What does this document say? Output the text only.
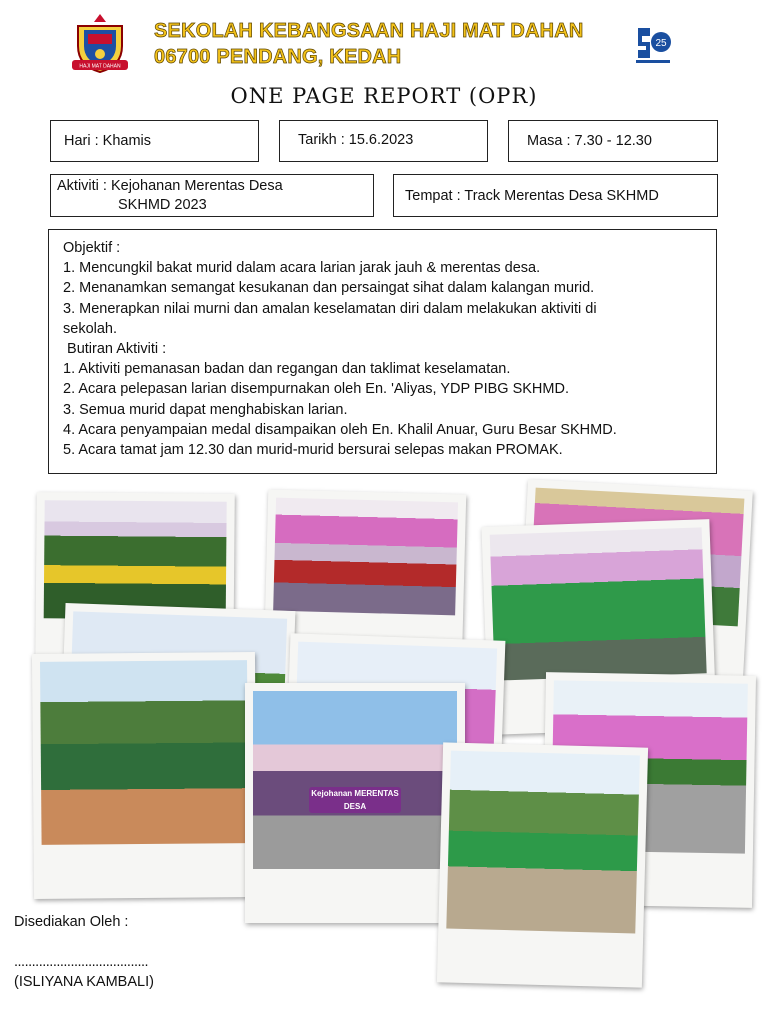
HAJI MAT DAHAN
SEKOLAH KEBANGSAAN HAJI MAT DAHAN
06700 PENDANG, KEDAH
25
ONE PAGE REPORT (OPR)
Hari : Khamis	Tarikh : 15.6.2023	Masa : 7.30 - 12.30
Aktiviti : Kejohanan Merentas Desa
SKHMD 2023
Tempat : Track Merentas Desa SKHMD
Objektif :
1. Mencungkil bakat murid dalam acara larian jarak jauh & merentas desa.
2. Menanamkan semangat kesukanan dan persaingat sihat dalam kalangan murid.
3. Menerapkan nilai murni dan amalan keselamatan diri dalam melakukan aktiviti di
sekolah.
Butiran Aktiviti :
1. Aktiviti pemanasan badan dan regangan dan taklimat keselamatan.
2. Acara pelepasan larian disempurnakan oleh En. 'Aliyas, YDP PIBG SKHMD.
3. Semua murid dapat menghabiskan larian.
4. Acara penyampaian medal disampaikan oleh En. Khalil Anuar, Guru Besar SKHMD.
5. Acara tamat jam 12.30 dan murid-murid bersurai selepas makan PROMAK.
Kejohanan MERENTAS DESA
Disediakan Oleh :
......................................
(ISLIYANA KAMBALI)
